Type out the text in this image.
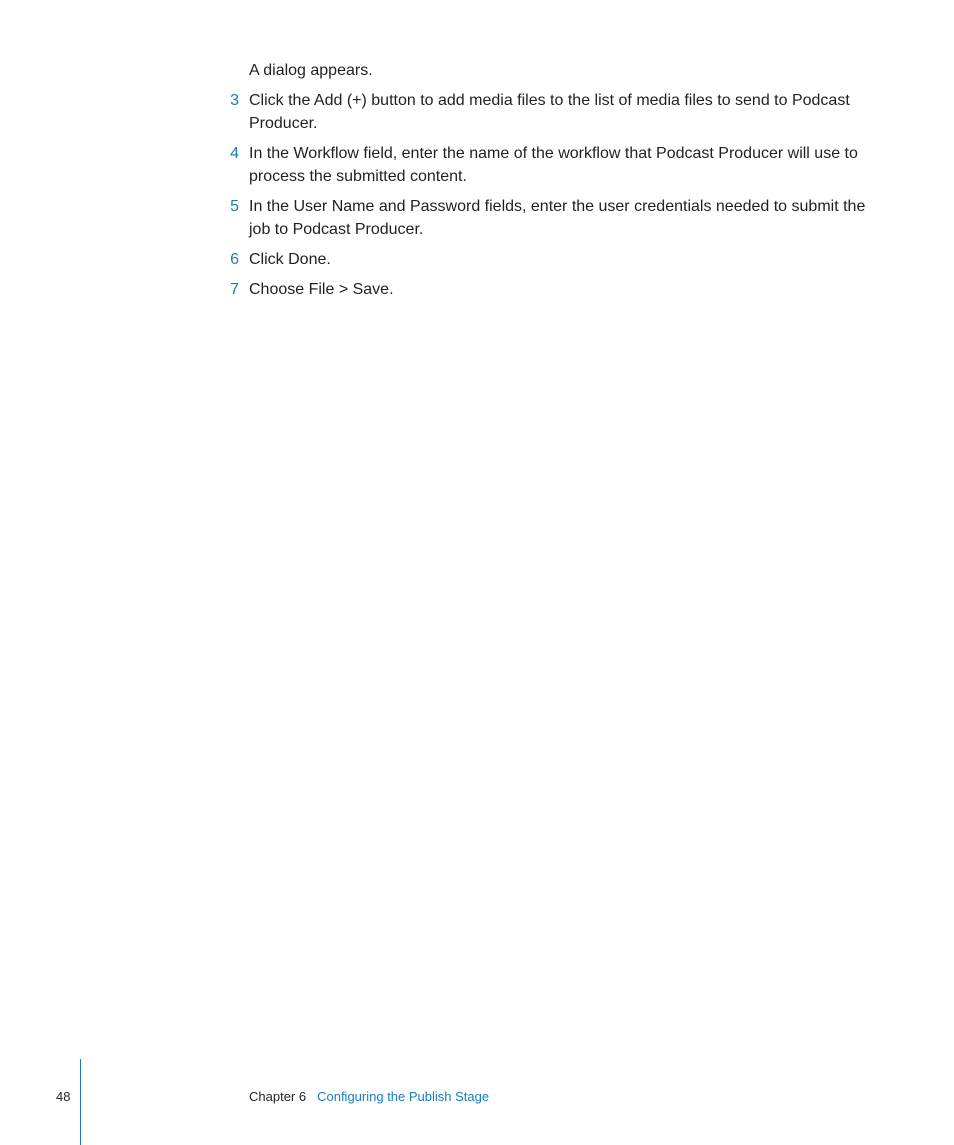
A dialog appears.
3 Click the Add (+) button to add media files to the list of media files to send to Podcast Producer.
4 In the Workflow field, enter the name of the workflow that Podcast Producer will use to process the submitted content.
5 In the User Name and Password fields, enter the user credentials needed to submit the job to Podcast Producer.
6 Click Done.
7 Choose File > Save.
48	Chapter 6 Configuring the Publish Stage
